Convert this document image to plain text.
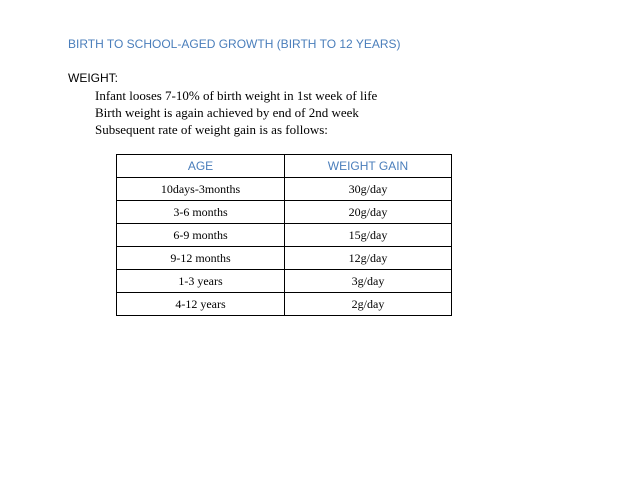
BIRTH TO SCHOOL-AGED GROWTH (BIRTH TO 12 YEARS)
WEIGHT:
Infant looses 7-10% of birth weight in 1st week of life
Birth weight is again achieved by end of 2nd week
Subsequent rate of weight gain is as follows:
AGE	WEIGHT GAIN
10days-3months	30g/day
3-6 months	20g/day
6-9 months	15g/day
9-12 months	12g/day
1-3 years	3g/day
4-12 years	2g/day
